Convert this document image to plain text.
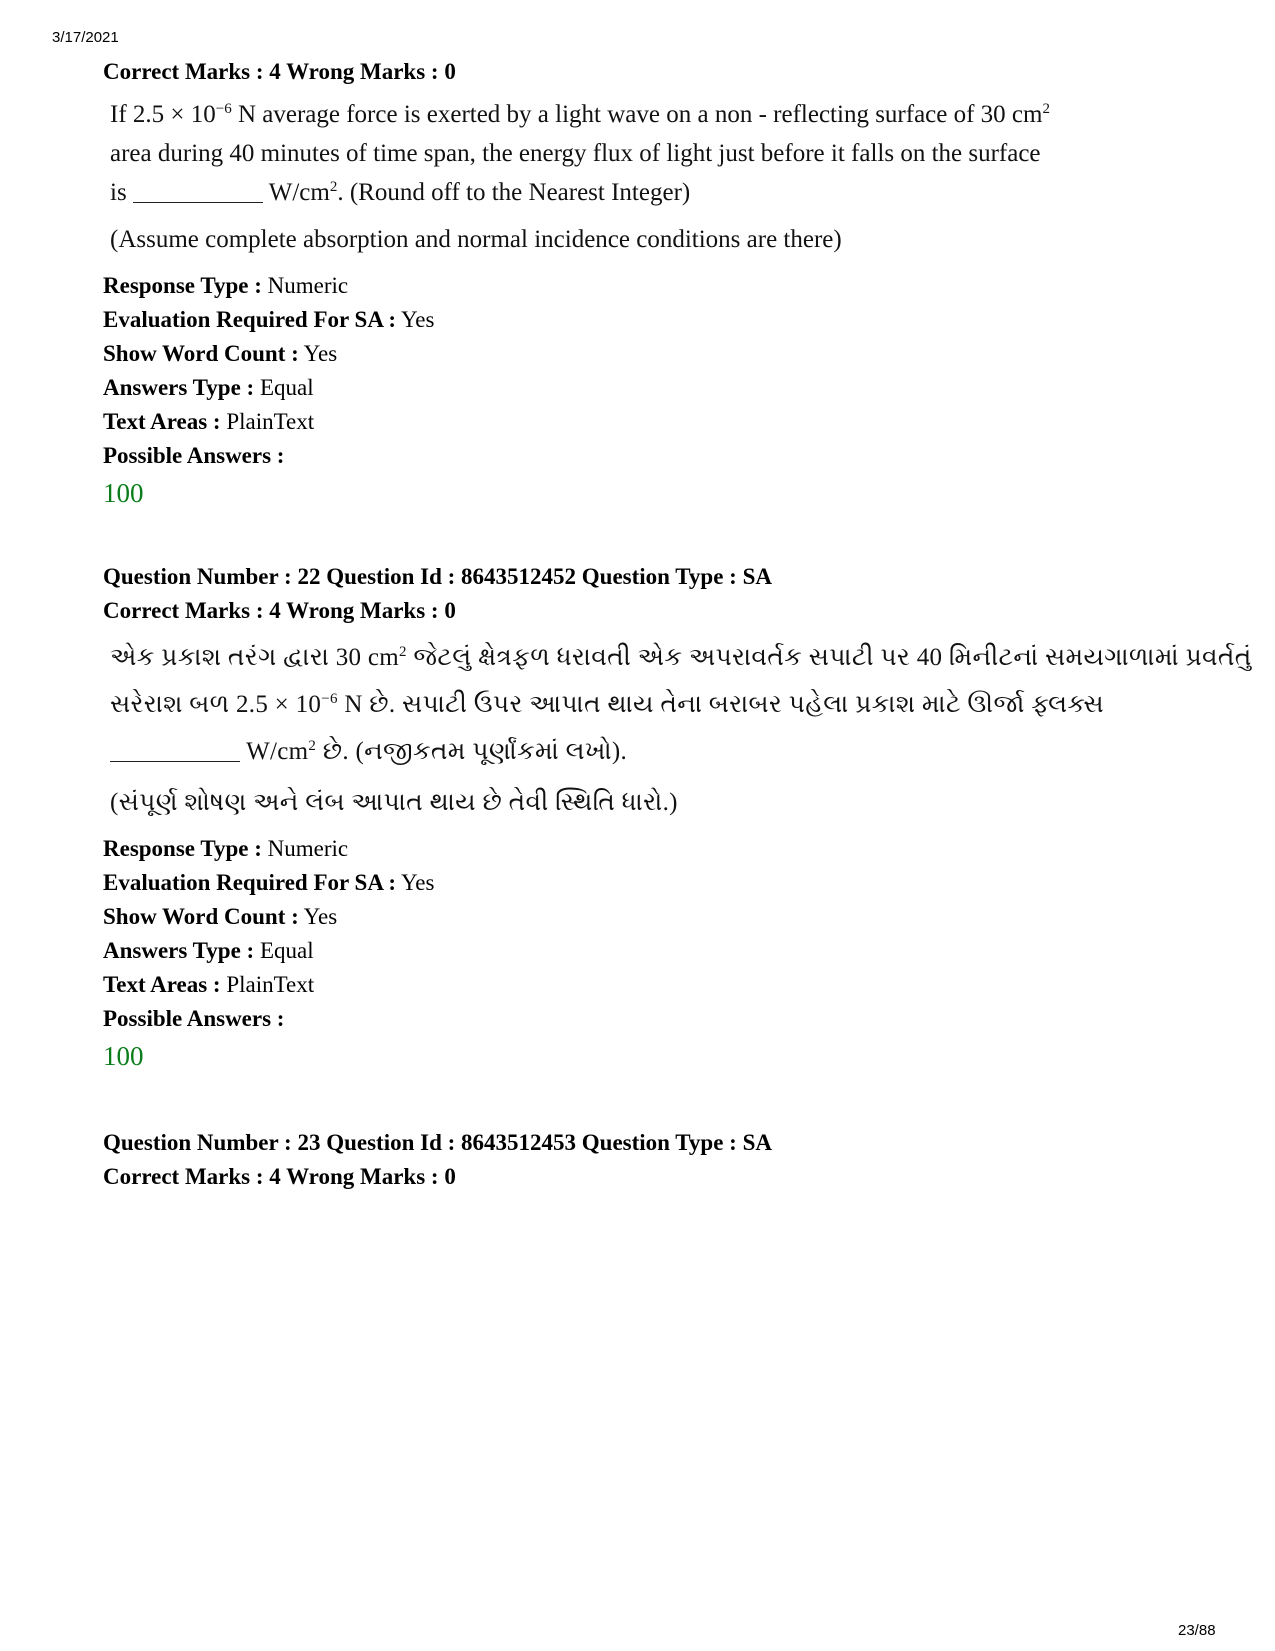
3/17/2021
Correct Marks : 4 Wrong Marks : 0

If $2.5 \times 10^{-6}$ N average force is exerted by a light wave on a non - reflecting surface of 30 $cm^2$

area during 40 minutes of time span, the energy flux of light just before it falls on the surface

is	$W/cm^2$. (Round off to the Nearest Integer)

(Assume complete absorption and normal incidence conditions are there)

Response Type : Numeric
Evaluation Required For SA : Yes
Show Word Count : Yes
Answers Type : Equal
Text Areas : PlainText
Possible Answers :
100
Question Number : 22 Question Id : 8643512452 Question Type : SA
Correct Marks : 4 Wrong Marks : 0

એક પ્રકાશ તરંગ દ્વારા 30 $cm^2$ જેટલું ક્ષેત્રફળ ધરાવતી એક અપરાવર્તક સપાટી પર 40 મિનીટનાં સમયગાળામાં પ્રવર્તતું

સરેરાશ બળ $2.5 \times 10^{-6}$ N છે. સપાટી ઉપર આપાત થાય તેના બરાબર પહેલા પ્રકાશ માટે ઊર્જા ફ્લક્સ

$W/cm^2$ છે. (નજીકતમ પૂર્ણાંકમાં લખો).

(સંપૂર્ણ શોષણ અને લંબ આપાત થાય છે તેવી સ્થિતિ ધારો.)

Response Type : Numeric
Evaluation Required For SA : Yes
Show Word Count : Yes
Answers Type : Equal
Text Areas : PlainText
Possible Answers :
100
Question Number : 23 Question Id : 8643512453 Question Type : SA
Correct Marks : 4 Wrong Marks : 0
23/88
